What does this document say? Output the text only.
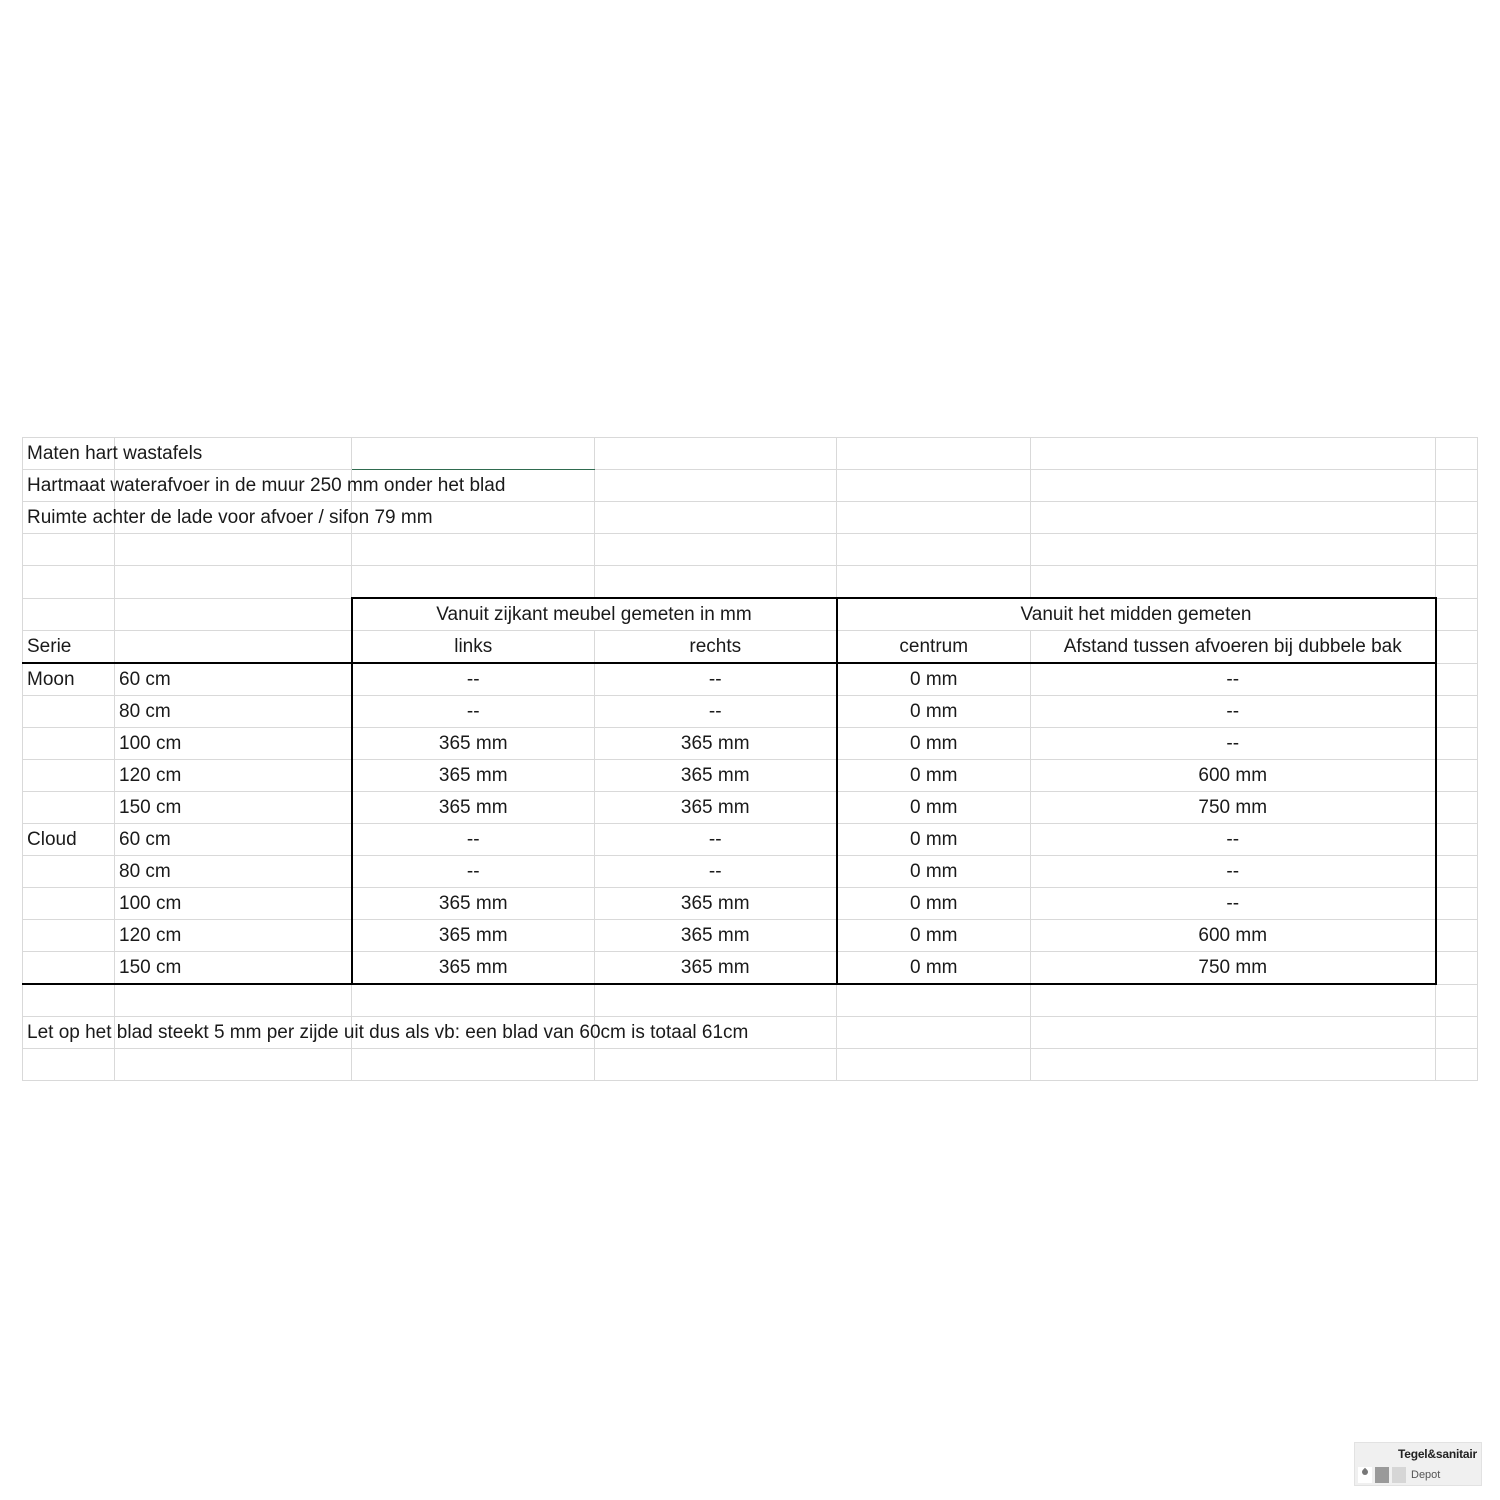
Maten hart wastafels						

Hartmaat waterafvoer in de muur 250 mm onder het blad						

Ruimte achter de lade voor afvoer / sifon 79 mm						

		Vanuit zijkant meubel gemeten in mm		Vanuit het midden gemeten		
Serie		links	rechts	centrum	Afstand tussen afvoeren bij dubbele bak	
Moon	60 cm	--	--	0 mm	--	
	80 cm	--	--	0 mm	--	
	100 cm	365 mm	365 mm	0 mm	--	
	120 cm	365 mm	365 mm	0 mm	600 mm	
	150 cm	365 mm	365 mm	0 mm	750 mm	
Cloud	60 cm	--	--	0 mm	--	
	80 cm	--	--	0 mm	--	
	100 cm	365 mm	365 mm	0 mm	--	
	120 cm	365 mm	365 mm	0 mm	600 mm	
	150 cm	365 mm	365 mm	0 mm	750 mm	

Let op het blad steekt 5 mm per zijde uit dus als vb: een blad van 60cm is totaal 61cm						

Tegel&sanitair
Depot
